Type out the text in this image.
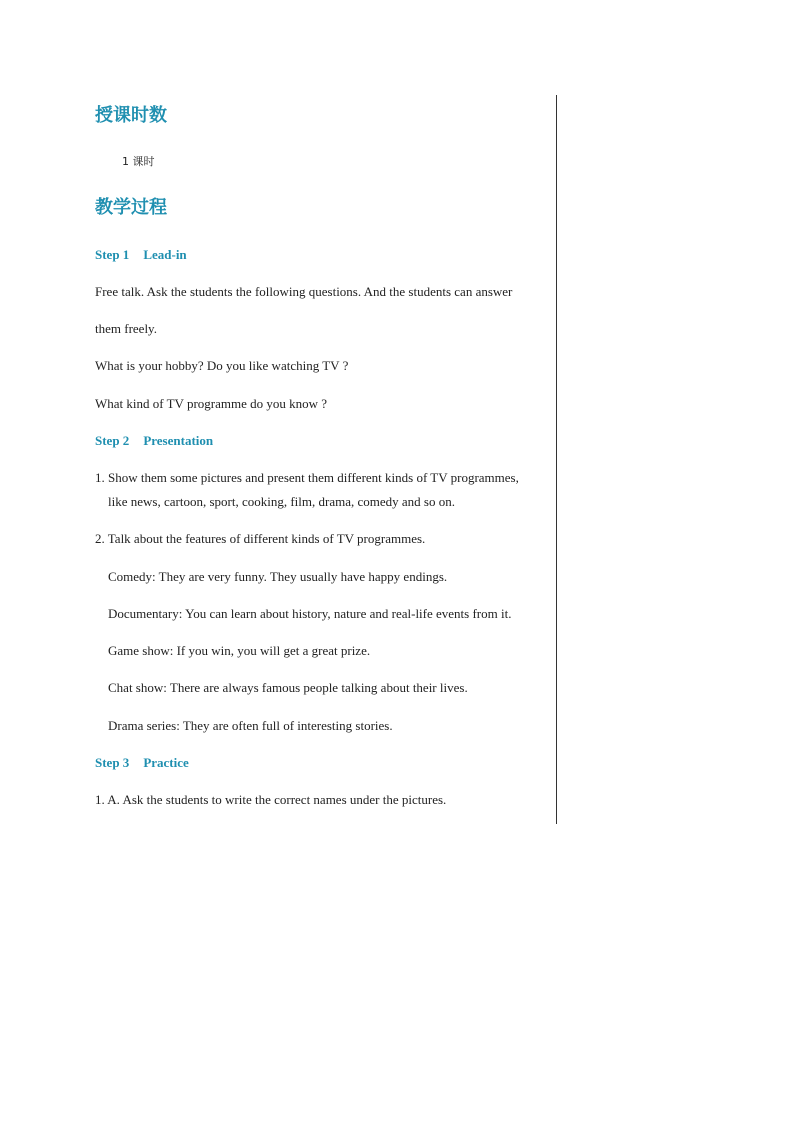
授课时数
1 课时
教学过程
Step 1 Lead-in
Free talk. Ask the students the following questions. And the students can answer
them freely.
What is your hobby? Do you like watching TV ?
What kind of TV programme do you know ?
Step 2 Presentation
1. Show them some pictures and present them different kinds of TV programmes,
like news, cartoon, sport, cooking, film, drama, comedy and so on.
2. Talk about the features of different kinds of TV programmes.
Comedy: They are very funny. They usually have happy endings.
Documentary: You can learn about history, nature and real-life events from it.
Game show: If you win, you will get a great prize.
Chat show: There are always famous people talking about their lives.
Drama series: They are often full of interesting stories.
Step 3 Practice
1. A. Ask the students to write the correct names under the pictures.
